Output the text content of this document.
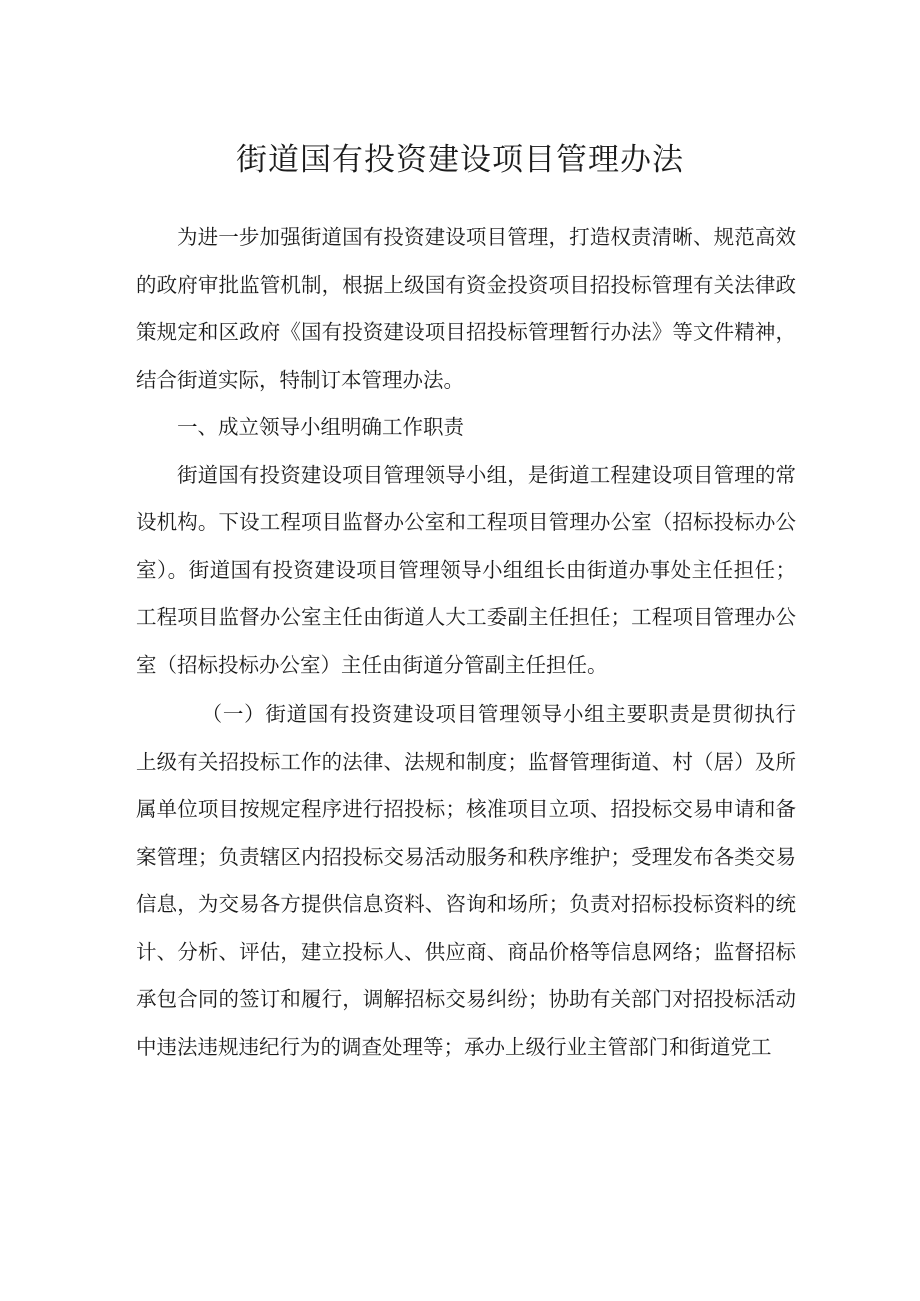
街道国有投资建设项目管理办法

为进一步加强街道国有投资建设项目管理，打造权责清晰、规范高效的政府审批监管机制，根据上级国有资金投资项目招投标管理有关法律政策规定和区政府《国有投资建设项目招投标管理暂行办法》等文件精神，结合街道实际，特制订本管理办法。

一、成立领导小组明确工作职责

街道国有投资建设项目管理领导小组，是街道工程建设项目管理的常设机构。下设工程项目监督办公室和工程项目管理办公室（招标投标办公室）。街道国有投资建设项目管理领导小组组长由街道办事处主任担任；工程项目监督办公室主任由街道人大工委副主任担任；工程项目管理办公室（招标投标办公室）主任由街道分管副主任担任。

（一）街道国有投资建设项目管理领导小组主要职责是贯彻执行上级有关招投标工作的法律、法规和制度；监督管理街道、村（居）及所属单位项目按规定程序进行招投标；核准项目立项、招投标交易申请和备案管理；负责辖区内招投标交易活动服务和秩序维护；受理发布各类交易信息，为交易各方提供信息资料、咨询和场所；负责对招标投标资料的统计、分析、评估，建立投标人、供应商、商品价格等信息网络；监督招标承包合同的签订和履行，调解招标交易纠纷；协助有关部门对招投标活动中违法违规违纪行为的调查处理等；承办上级行业主管部门和街道党工
